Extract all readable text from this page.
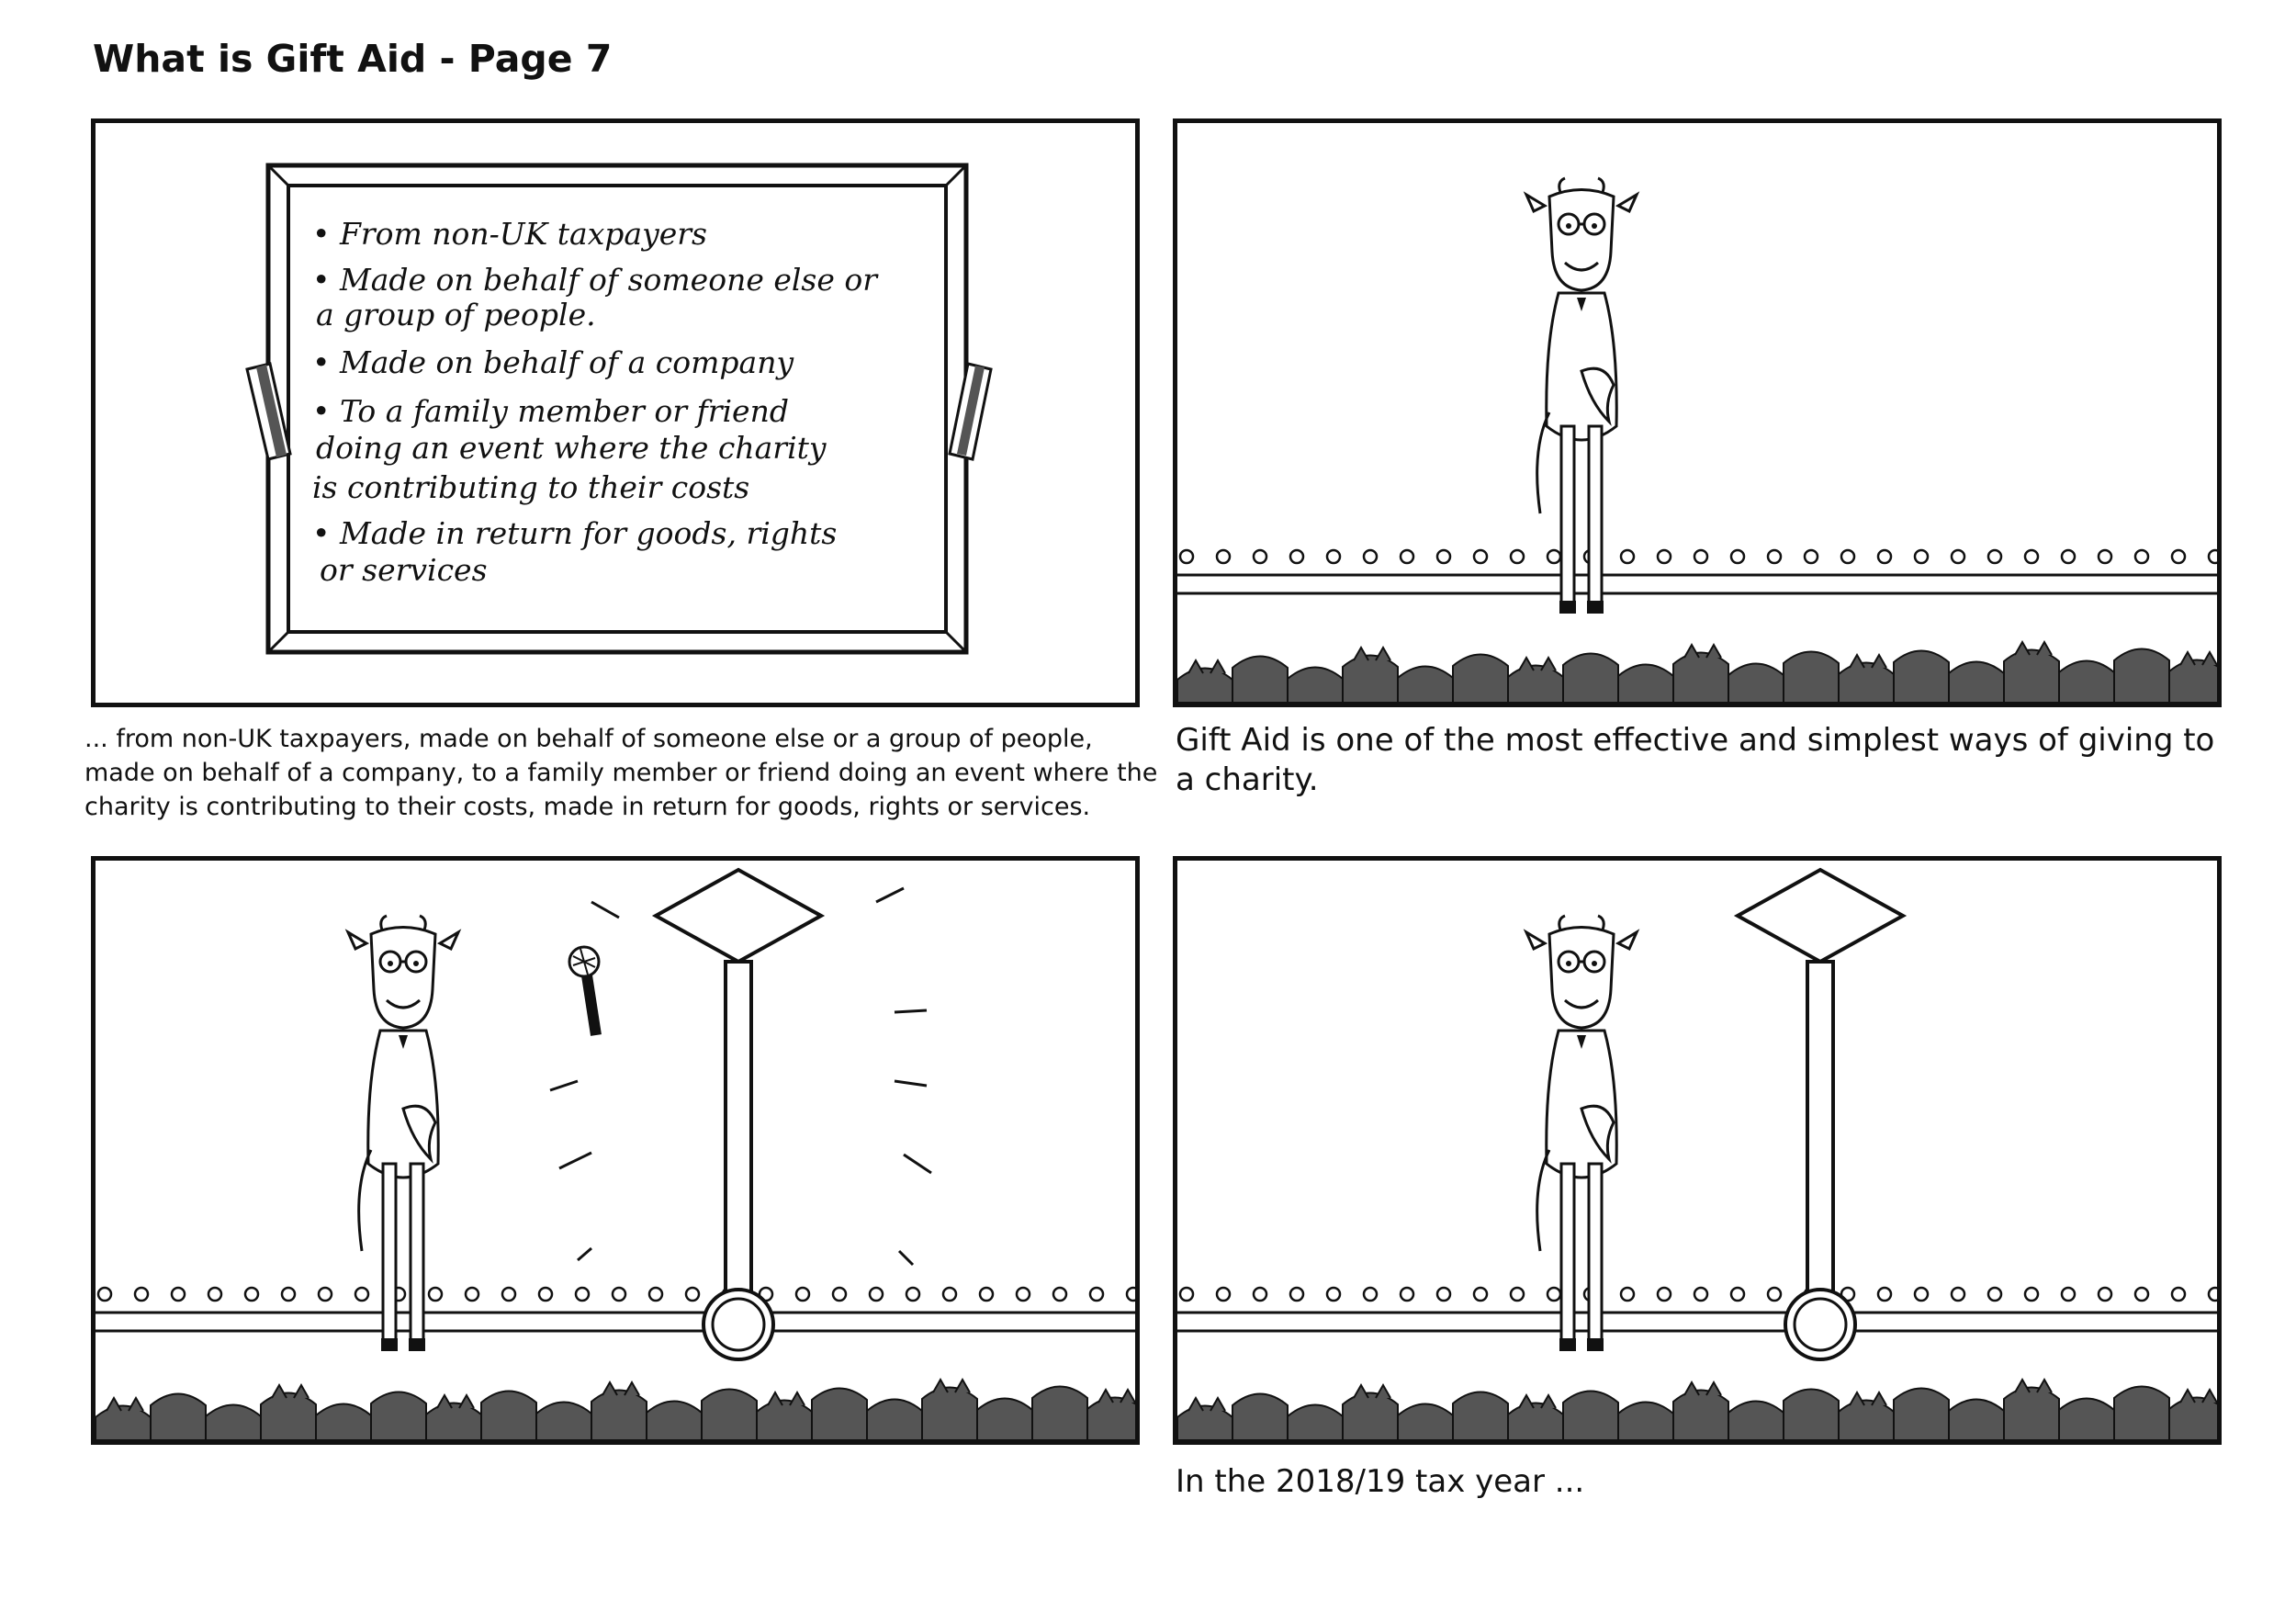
What is Gift Aid - Page 7
• From non-UK taxpayers
• Made on behalf of someone else or
a group of people.
• Made on behalf of a company
• To a family member or friend
doing an event where the charity
is contributing to their costs
• Made in return for goods, rights
or services

... from non-UK taxpayers, made on behalf of someone else or a group of people, made on behalf of a company, to a family member or friend doing an event where the charity is contributing to their costs, made in return for goods, rights or services.

Gift Aid is one of the most effective and simplest ways of giving to a charity.

In the 2018/19 tax year ...
